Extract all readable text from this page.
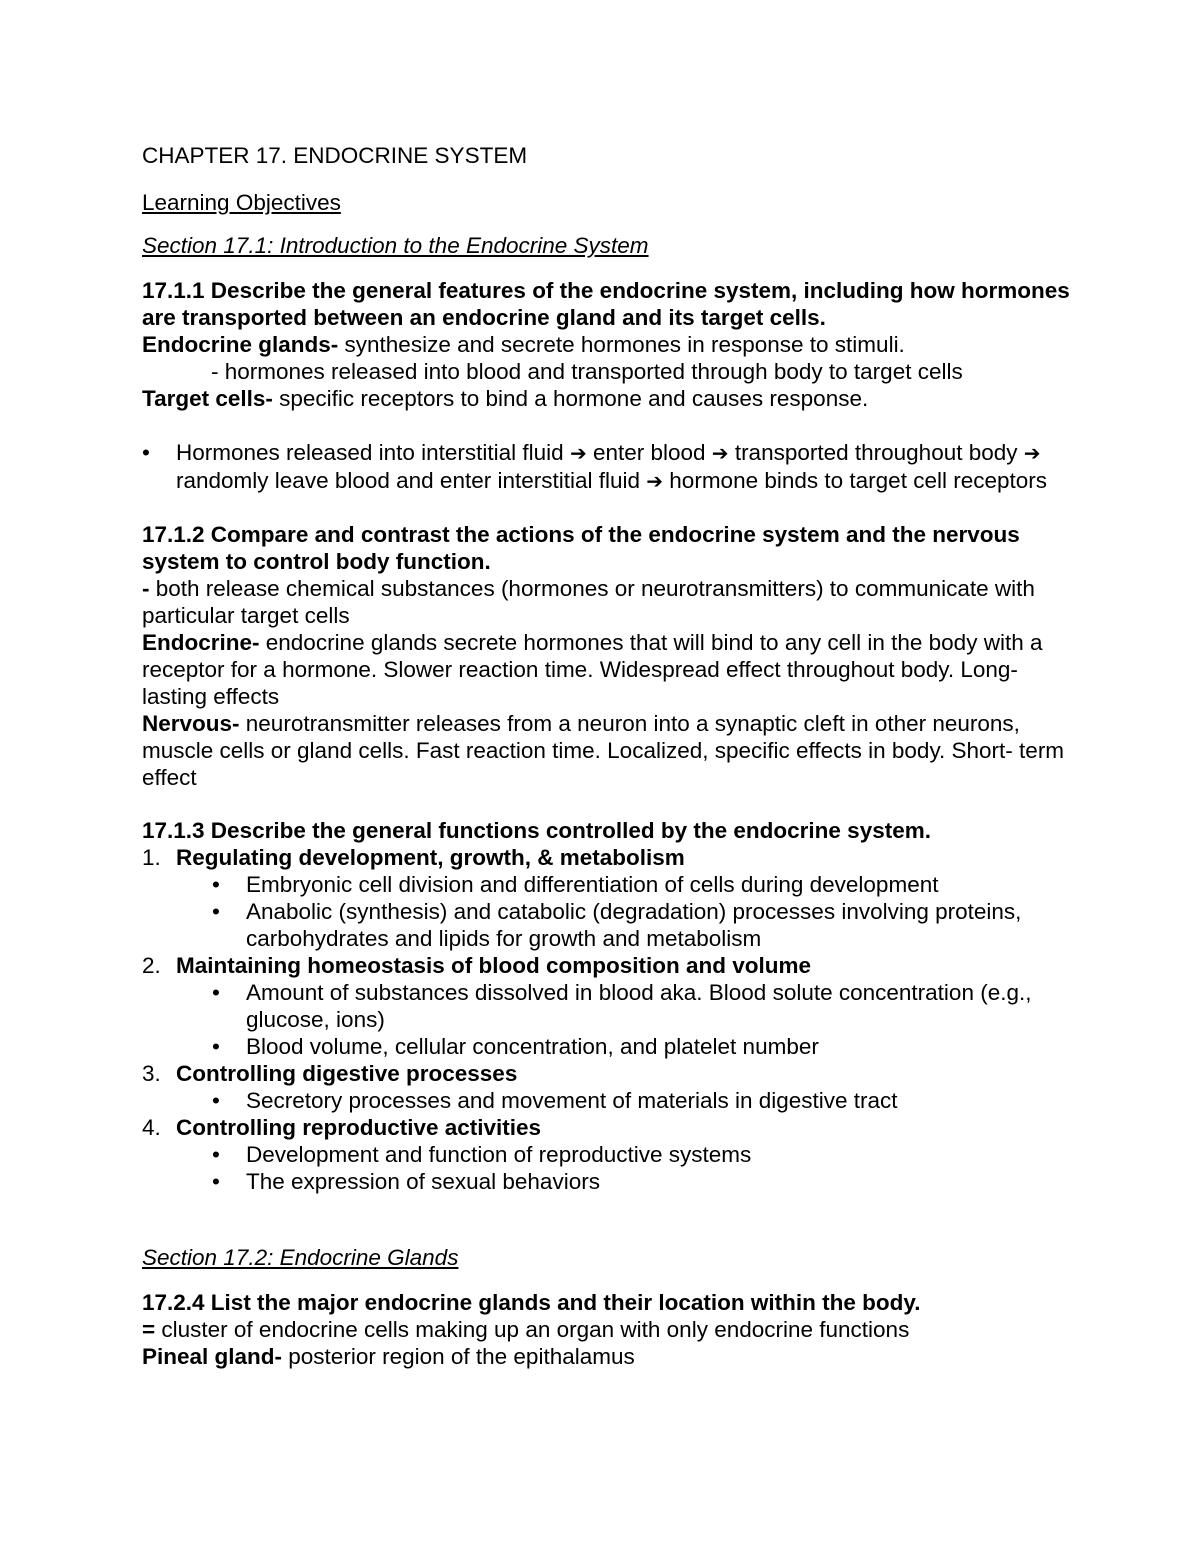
CHAPTER 17. ENDOCRINE SYSTEM
Learning Objectives
Section 17.1: Introduction to the Endocrine System
17.1.1 Describe the general features of the endocrine system, including how hormones are transported between an endocrine gland and its target cells.
Endocrine glands- synthesize and secrete hormones in response to stimuli.
- hormones released into blood and transported through body to target cells
Target cells- specific receptors to bind a hormone and causes response.
•	Hormones released into interstitial fluid ➔ enter blood ➔ transported throughout body ➔ randomly leave blood and enter interstitial fluid ➔ hormone binds to target cell receptors
17.1.2 Compare and contrast the actions of the endocrine system and the nervous system to control body function.
- both release chemical substances (hormones or neurotransmitters) to communicate with particular target cells
Endocrine- endocrine glands secrete hormones that will bind to any cell in the body with a receptor for a hormone. Slower reaction time. Widespread effect throughout body. Long-lasting effects
Nervous- neurotransmitter releases from a neuron into a synaptic cleft in other neurons, muscle cells or gland cells. Fast reaction time. Localized, specific effects in body. Short- term effect
17.1.3 Describe the general functions controlled by the endocrine system.
1. Regulating development, growth, & metabolism
•	Embryonic cell division and differentiation of cells during development
•	Anabolic (synthesis) and catabolic (degradation) processes involving proteins, carbohydrates and lipids for growth and metabolism
2. Maintaining homeostasis of blood composition and volume
•	Amount of substances dissolved in blood aka. Blood solute concentration (e.g., glucose, ions)
•	Blood volume, cellular concentration, and platelet number
3. Controlling digestive processes
•	Secretory processes and movement of materials in digestive tract
4. Controlling reproductive activities
•	Development and function of reproductive systems
•	The expression of sexual behaviors
Section 17.2: Endocrine Glands
17.2.4 List the major endocrine glands and their location within the body.
= cluster of endocrine cells making up an organ with only endocrine functions
Pineal gland- posterior region of the epithalamus
